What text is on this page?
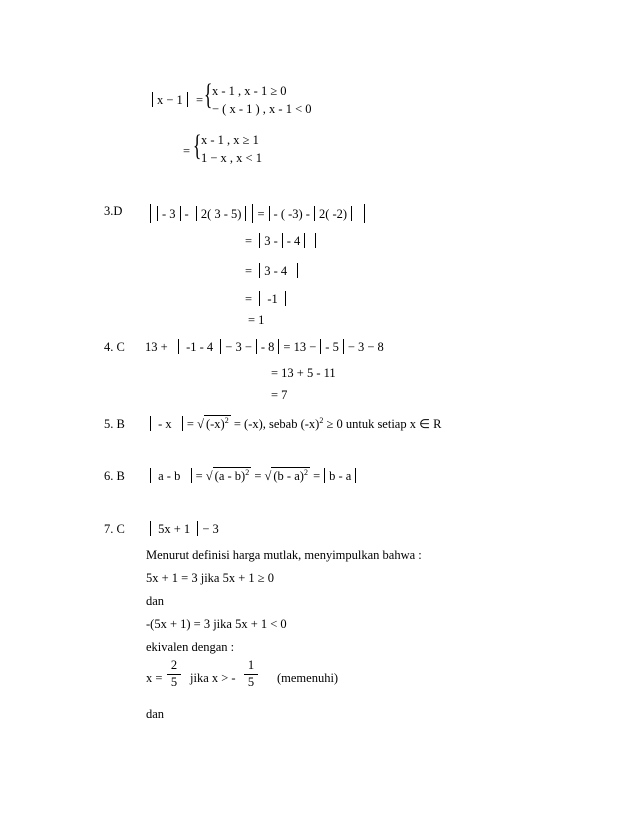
x − 1	= { x - 1 , x - 1 ≥ 0
− ( x - 1 ) , x - 1 < 0
= { x - 1 , x ≥ 1
1 − x , x < 1
3.D	- 3 - 2( 3 - 5) = - ( -3) - 2( -2)
= 3 - - 4
= 3 - 4
= -1
= 1
4. C 13 + -1 - 4 − 3 − - 8 = 13 − - 5 − 3 − 8
= 13 + 5 - 11
= 7
5. B	- x = √ $(-x)^2 = (-x)$, sebab $(-x)^2 \ge 0$ untuk setiap x ∈ R
6. B	a - b = √ (a - b)$^2$ = √ (b - a)$^2$ = b - a
7. C	5x + 1 − 3
Menurut definisi harga mutlak, menyimpulkan bahwa :
5x + 1 = 3 jika 5x + 1 ≥ 0
dan
-(5x + 1) = 3 jika 5x + 1 < 0
ekivalen dengan :
x =
2
5	jika x > -
1
5	(memenuhi)
dan
